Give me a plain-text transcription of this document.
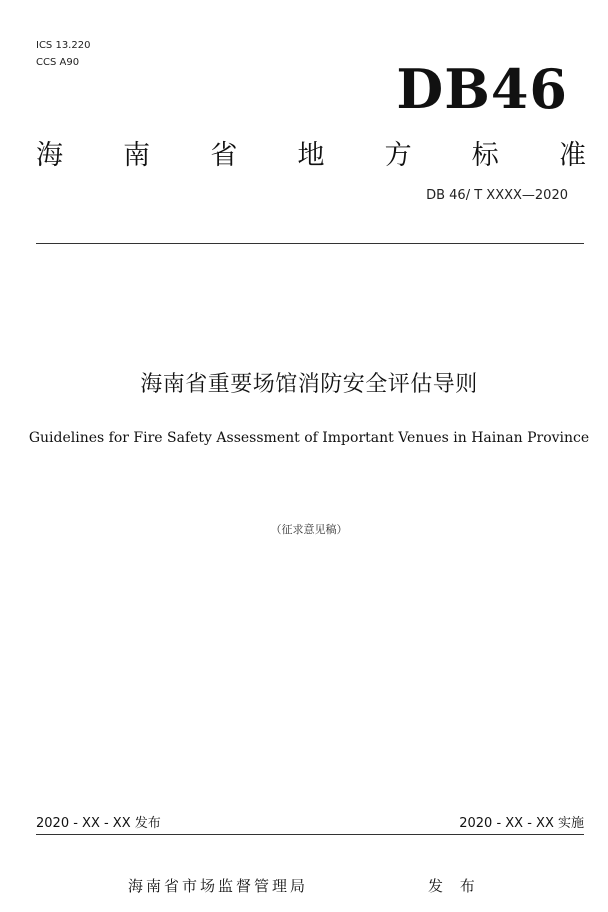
ICS 13.220
CCS A90	DB46
海 南 省 地 方 标 准
DB 46/ T XXXX—2020
海南省重要场馆消防安全评估导则
Guidelines for Fire Safety Assessment of Important Venues in Hainan Province
（征求意见稿）
2020 - XX - XX 发布	2020 - XX - XX 实施
海南省市场监督管理局	发 布
